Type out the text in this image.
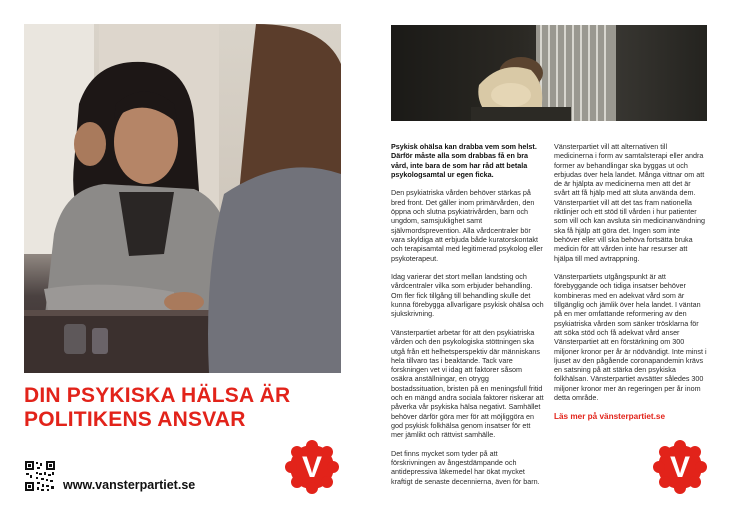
DIN PSYKISKA HÄLSA ÄR POLITIKENS ANSVAR
www.vansterpartiet.se
V

Psykisk ohälsa kan drabba vem som helst. Därför måste alla som drabbas få en bra vård, inte bara de som har råd att betala psykologsamtal ur egen ficka.

Den psykiatriska vården behöver stärkas på bred front. Det gäller inom primärvården, den öppna och slutna psykiatrivården, barn och ungdom, samsjuklighet samt självmordsprevention. Alla vårdcentraler bör vara skyldiga att erbjuda både kuratorskontakt och terapisamtal med legitimerad psykolog eller psykoterapeut.

Idag varierar det stort mellan landsting och vårdcentraler vilka som erbjuder behandling. Om fler fick tillgång till behandling skulle det kunna förebygga allvarligare psykisk ohälsa och sjukskrivning.

Vänsterpartiet arbetar för att den psykiatriska vården och den psykologiska stöttningen ska utgå från ett helhetsperspektiv där människans hela tillvaro tas i beaktande. Tack vare forskningen vet vi idag att faktorer såsom osäkra anställningar, en otrygg bostadssituation, bristen på en meningsfull fritid och en mängd andra sociala faktorer riskerar att påverka vår psykiska hälsa negativt. Samhället behöver därför göra mer för att möjliggöra en god psykisk folkhälsa genom insatser för ett mer jämlikt och rättvist samhälle.

Det finns mycket som tyder på att förskrivningen av ångestdämpande och antidepressiva läkemedel har ökat mycket kraftigt de senaste decennierna, även för barn.

Vänsterpartiet vill att alternativen till medicinerna i form av samtalsterapi eller andra former av behandlingar ska byggas ut och erbjudas över hela landet. Många vittnar om att de är hjälpta av medicinerna men att det är svårt att få hjälp med att sluta använda dem. Vänsterpartiet vill att det tas fram nationella riktlinjer och ett stöd till vården i hur patienter som vill och kan avsluta sin medicinanvändning ska få hjälp att göra det. Ingen som inte behöver eller vill ska behöva fortsätta bruka medicin för att vården inte har resurser att hjälpa till med avtrappning.

Vänsterpartiets utgångspunkt är att förebyggande och tidiga insatser behöver kombineras med en adekvat vård som är tillgänglig och jämlik över hela landet. I väntan på en mer omfattande reformering av den psykiatriska vården som sänker trösklarna för att söka stöd och få adekvat vård anser Vänsterpartiet att en förstärkning om 300 miljoner kronor per år är nödvändigt. Inte minst i ljuset av den pågående coronapandemin krävs en satsning på att stärka den psykiska folkhälsan. Vänsterpartiet avsätter således 300 miljoner kronor mer än regeringen per år inom detta område.

Läs mer på vänsterpartiet.se

V
